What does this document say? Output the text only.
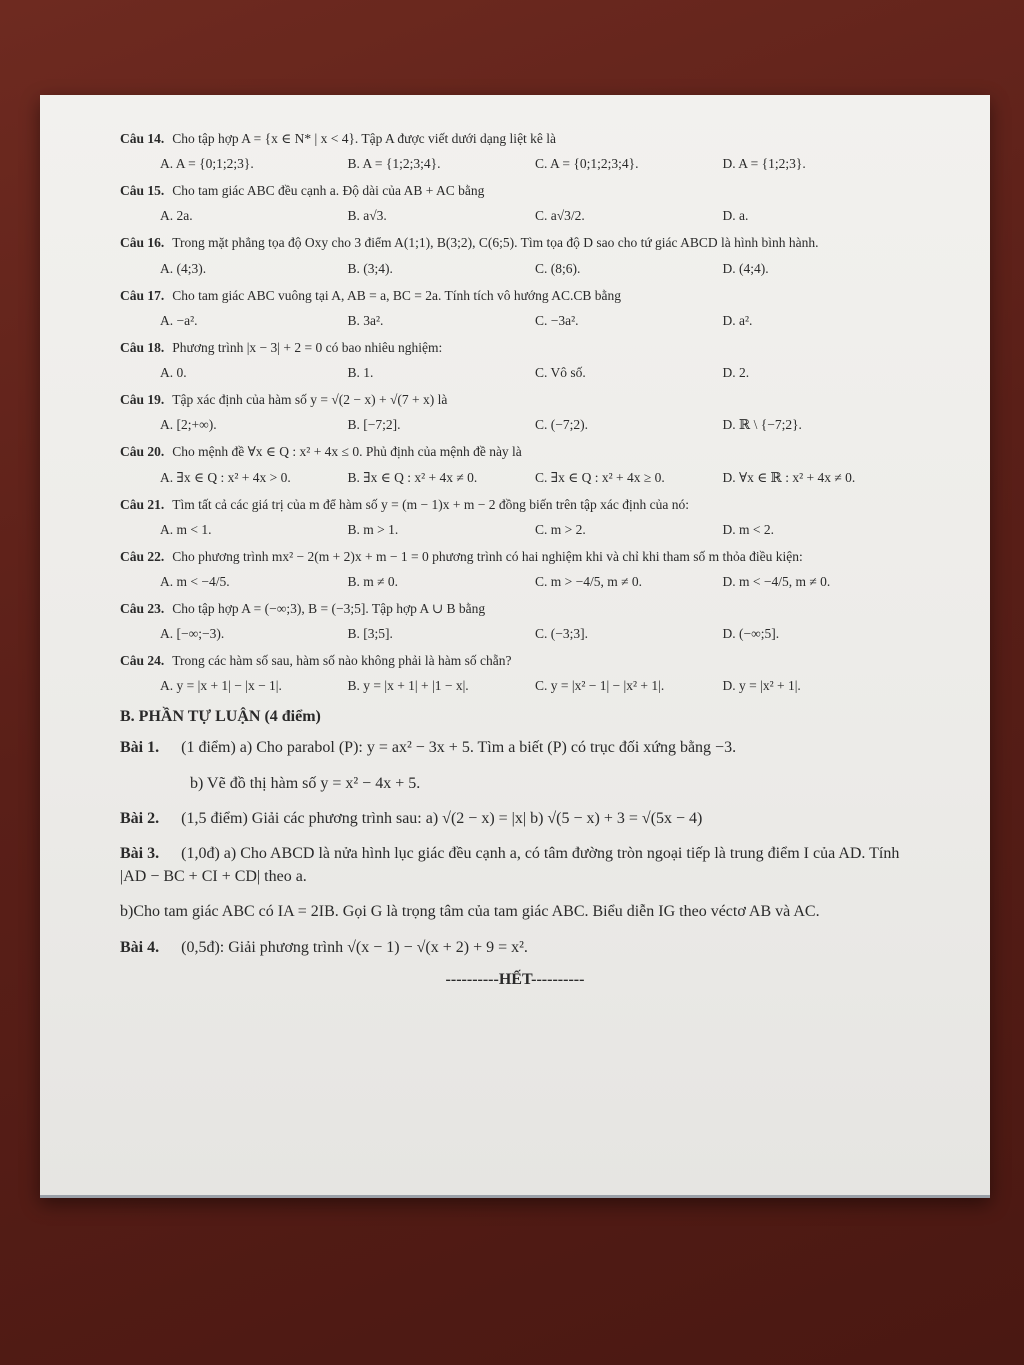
Câu 14. Cho tập hợp A = {x ∈ N* | x < 4}. Tập A được viết dưới dạng liệt kê là
A. A = {0;1;2;3}.	B. A = {1;2;3;4}.	C. A = {0;1;2;3;4}.	D. A = {1;2;3}.
Câu 15. Cho tam giác ABC đều cạnh a. Độ dài của AB + AC bằng
A. 2a.	B. a√3.	C. a√3/2.	D. a.
Câu 16. Trong mặt phẳng tọa độ Oxy cho 3 điểm A(1;1), B(3;2), C(6;5). Tìm tọa độ D sao cho tứ giác ABCD là hình bình hành.
A. (4;3).	B. (3;4).	C. (8;6).	D. (4;4).
Câu 17. Cho tam giác ABC vuông tại A, AB = a, BC = 2a. Tính tích vô hướng AC.CB bằng
A. −a².	B. 3a².	C. −3a².	D. a².
Câu 18. Phương trình |x − 3| + 2 = 0 có bao nhiêu nghiệm:
A. 0.	B. 1.	C. Vô số.	D. 2.
Câu 19. Tập xác định của hàm số y = √(2 − x) + √(7 + x) là
A. [2;+∞).	B. [−7;2].	C. (−7;2).	D. ℝ \ {−7;2}.
Câu 20. Cho mệnh đề ∀x ∈ Q : x² + 4x ≤ 0. Phủ định của mệnh đề này là
A. ∃x ∈ Q : x² + 4x > 0.	B. ∃x ∈ Q : x² + 4x ≠ 0.	C. ∃x ∈ Q : x² + 4x ≥ 0.	D. ∀x ∈ ℝ : x² + 4x ≠ 0.
Câu 21. Tìm tất cả các giá trị của m để hàm số y = (m − 1)x + m − 2 đồng biến trên tập xác định của nó:
A. m < 1.	B. m > 1.	C. m > 2.	D. m < 2.
Câu 22. Cho phương trình mx² − 2(m + 2)x + m − 1 = 0 phương trình có hai nghiệm khi và chỉ khi tham số m thỏa điều kiện:
A. m < −4/5.	B. m ≠ 0.	C. m > −4/5, m ≠ 0.	D. m < −4/5, m ≠ 0.
Câu 23. Cho tập hợp A = (−∞;3), B = (−3;5]. Tập hợp A ∪ B bằng
A. [−∞;−3).	B. [3;5].	C. (−3;3].	D. (−∞;5].
Câu 24. Trong các hàm số sau, hàm số nào không phải là hàm số chẵn?
A. y = |x + 1| − |x − 1|.	B. y = |x + 1| + |1 − x|.	C. y = |x² − 1| − |x² + 1|.	D. y = |x² + 1|.
B. PHẦN TỰ LUẬN (4 điểm)
Bài 1. (1 điểm) a) Cho parabol (P): y = ax² − 3x + 5. Tìm a biết (P) có trục đối xứng bằng −3.
b) Vẽ đồ thị hàm số y = x² − 4x + 5.
Bài 2. (1,5 điểm) Giải các phương trình sau: a) √(2 − x) = |x| b) √(5 − x) + 3 = √(5x − 4)
Bài 3. (1,0đ) a) Cho ABCD là nửa hình lục giác đều cạnh a, có tâm đường tròn ngoại tiếp là trung điểm I của AD. Tính |AD − BC + CI + CD| theo a.
b)Cho tam giác ABC có IA = 2IB. Gọi G là trọng tâm của tam giác ABC. Biểu diễn IG theo véctơ AB và AC.
Bài 4. (0,5đ): Giải phương trình √(x − 1) − √(x + 2) + 9 = x².
----------HẾT----------
